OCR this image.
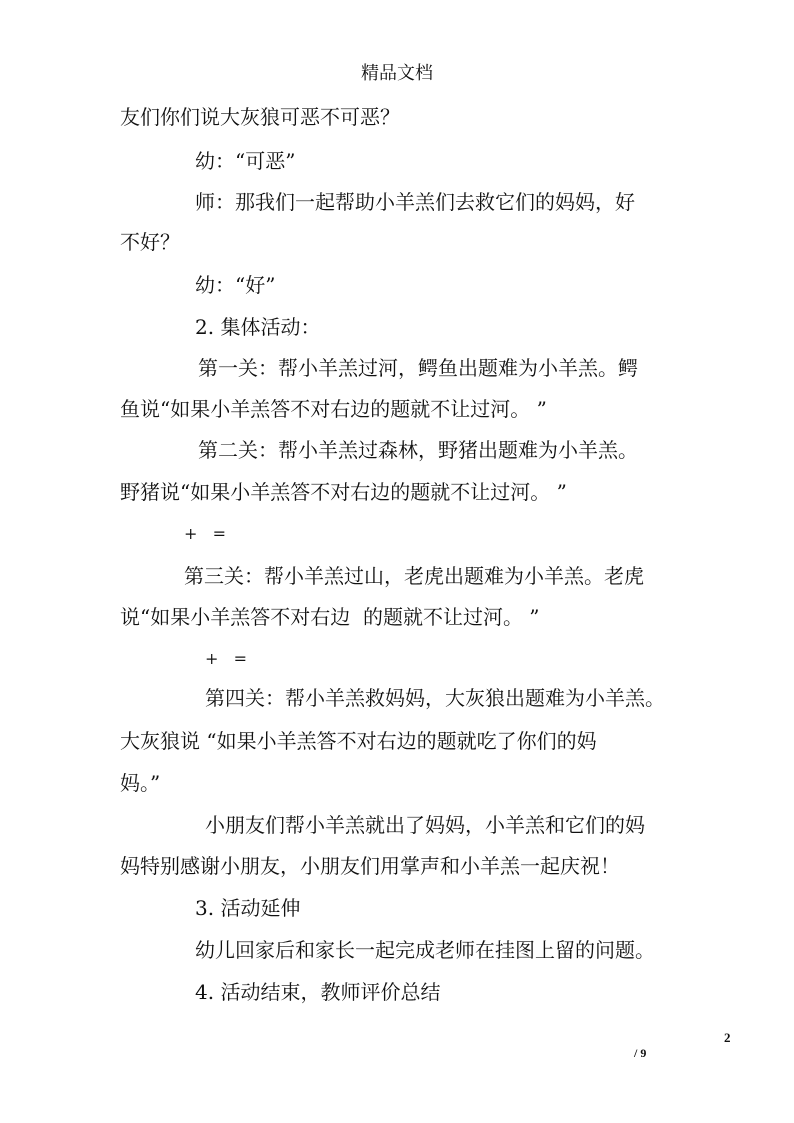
精品文档
友们你们说大灰狼可恶不可恶？
幼：“可恶”
师：那我们一起帮助小羊羔们去救它们的妈妈，好
不好？
幼：“好”
2. 集体活动：
第一关：帮小羊羔过河，鳄鱼出题难为小羊羔。鳄
鱼说“如果小羊羔答不对右边的题就不让过河。 ”
第二关：帮小羊羔过森林，野猪出题难为小羊羔。
野猪说“如果小羊羔答不对右边的题就不让过河。 ”
+   =
第三关：帮小羊羔过山，老虎出题难为小羊羔。老虎
说“如果小羊羔答不对右边  的题就不让过河。 ”
+   =
第四关：帮小羊羔救妈妈，大灰狼出题难为小羊羔。
大灰狼说 “如果小羊羔答不对右边的题就吃了你们的妈
妈。”
小朋友们帮小羊羔就出了妈妈，小羊羔和它们的妈
妈特别感谢小朋友，小朋友们用掌声和小羊羔一起庆祝！
3. 活动延伸
幼儿回家后和家长一起完成老师在挂图上留的问题。
4. 活动结束，教师评价总结
2
/ 9
